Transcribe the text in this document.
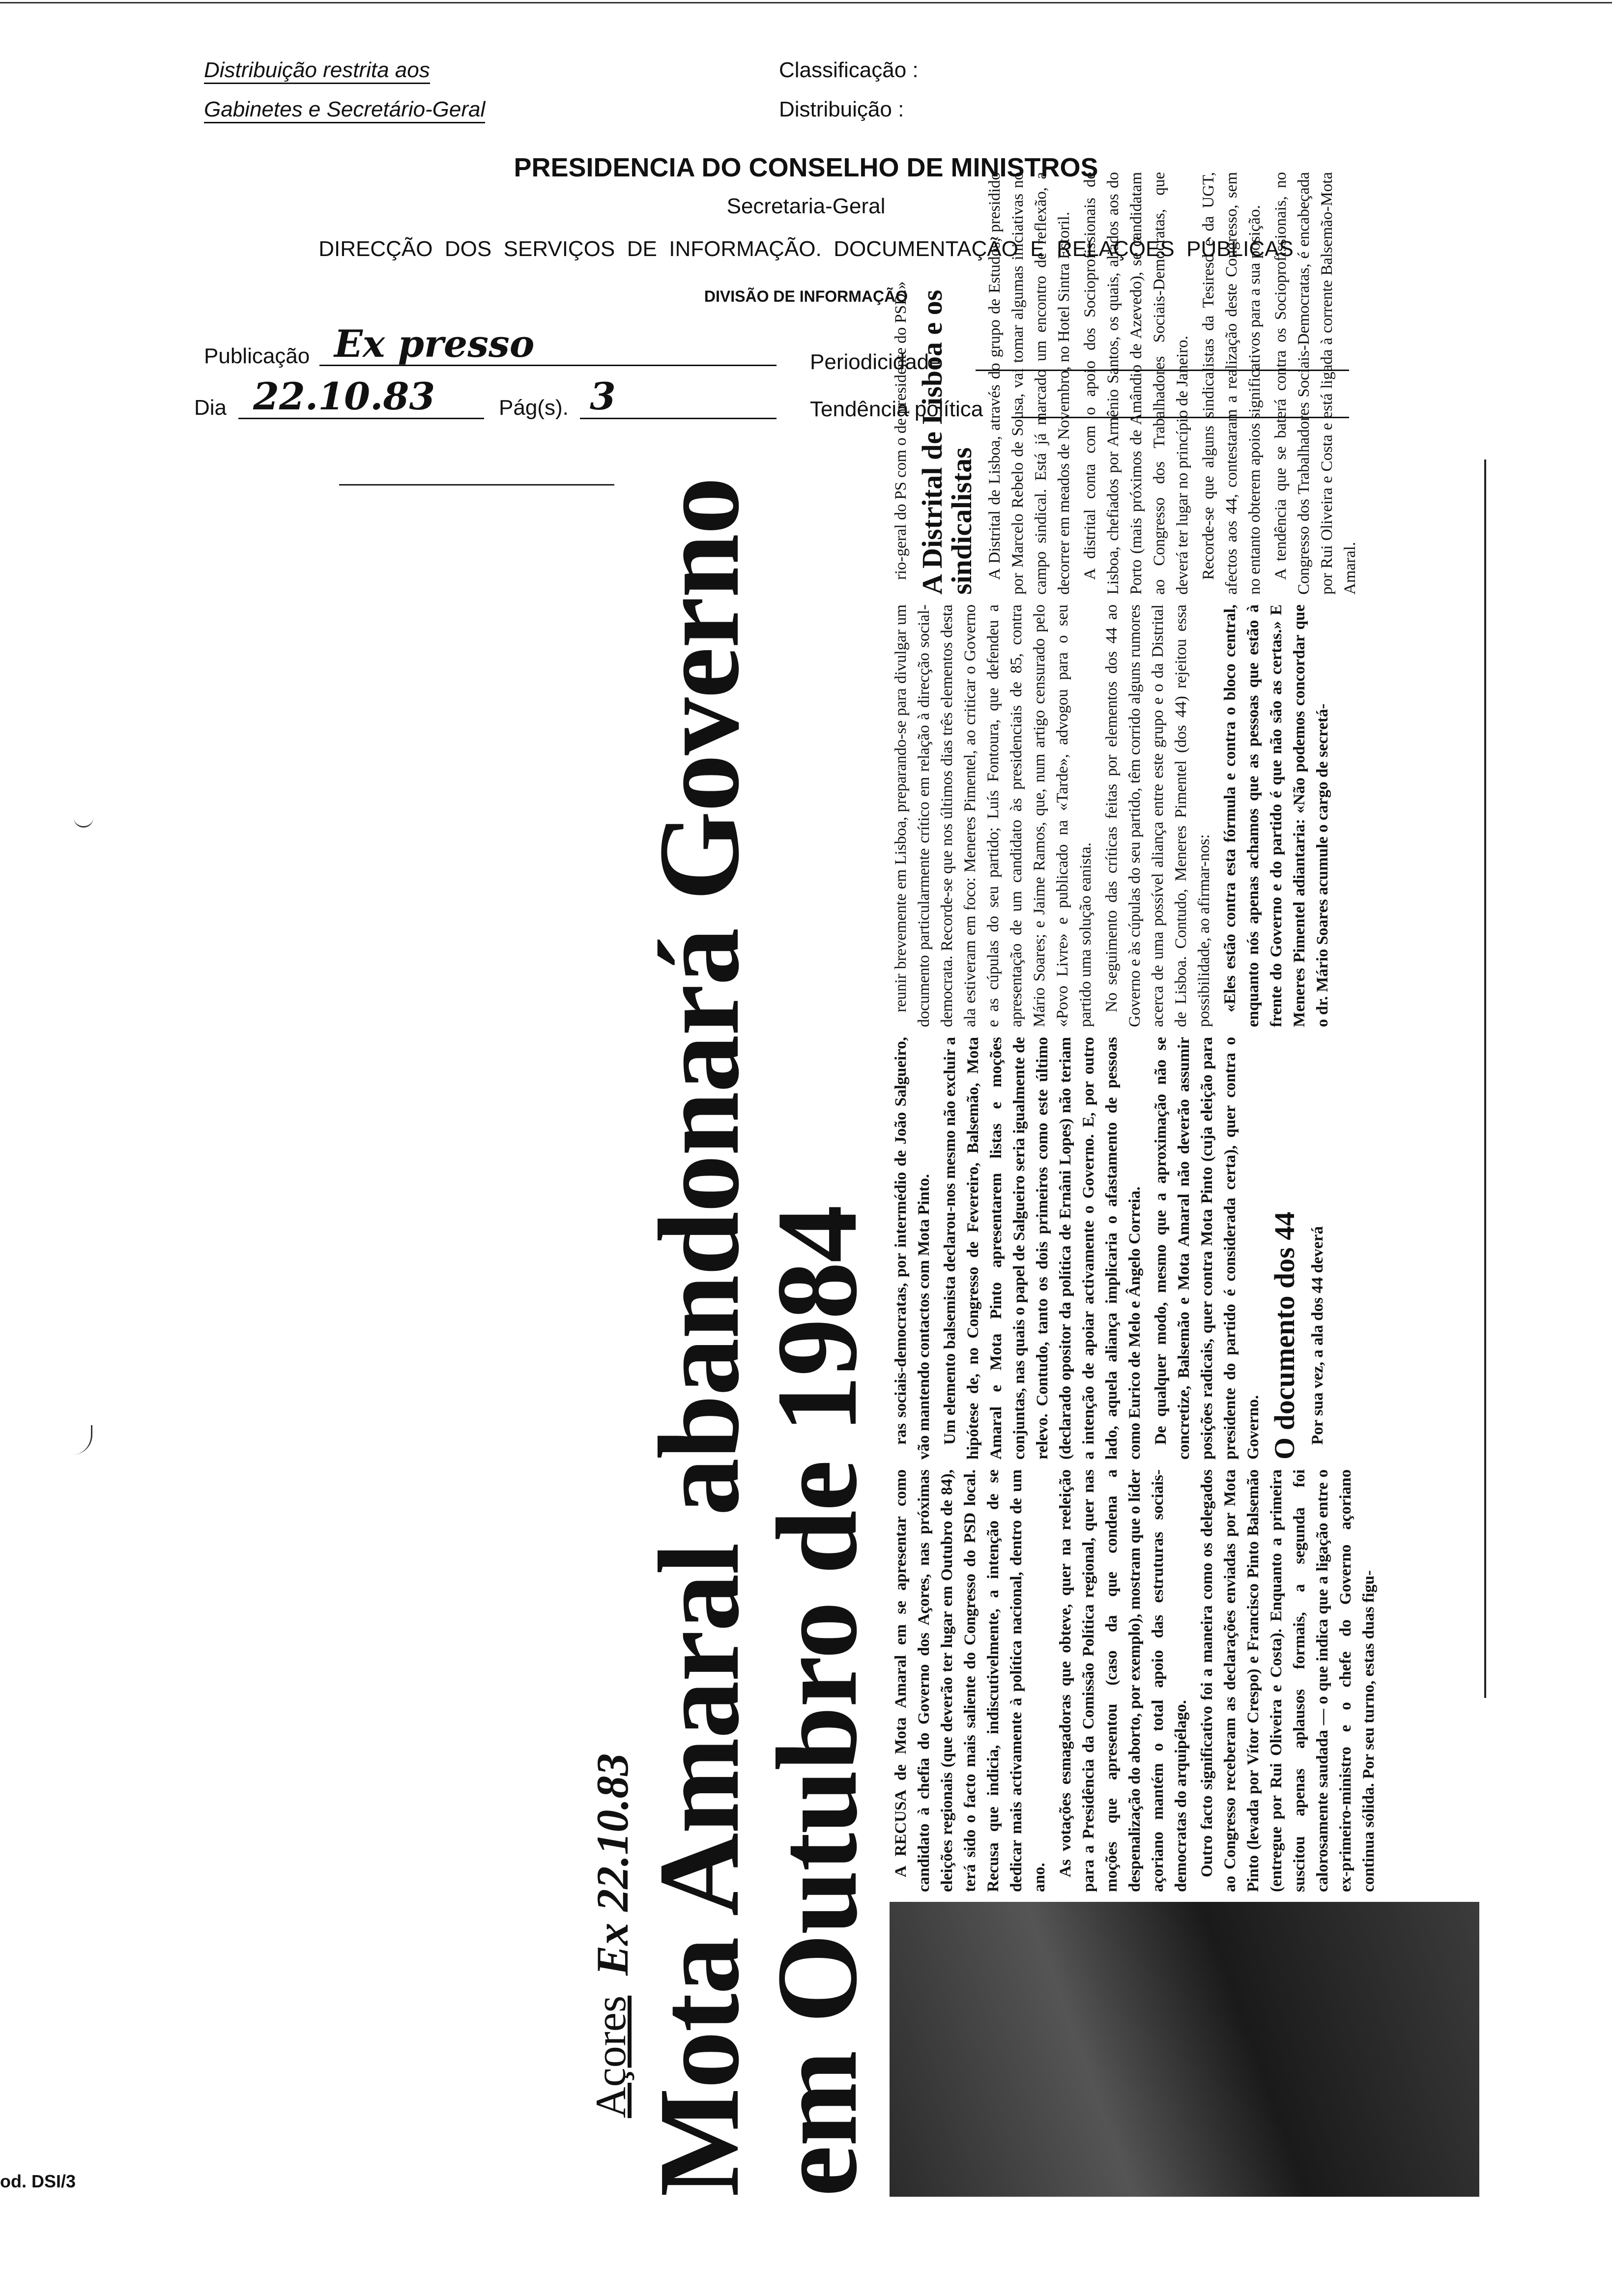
Distribuição restrita aos
Gabinetes e Secretário-Geral
Classificação :
Distribuição :
PRESIDENCIA DO CONSELHO DE MINISTROS
Secretaria-Geral
DIRECÇÃO  DOS  SERVIÇOS  DE  INFORMAÇÃO.  DOCUMENTAÇÃO  E  RELAÇÕES  PÚBLICAS
DIVISÃO DE INFORMAÇÃO
Publicação Ex presso
Dia 22.10.83	Pág(s). 3
Periodicidade
Tendência política
Açores
Ex 22.10.83
Mota Amaral abandonará Governo
em Outubro de 1984 A RECUSA de Mota Amaral em se apresentar como candidato à chefia do Governo dos Açores, nas próximas eleições regionais (que deverão ter lugar em Outubro de 84), terá sido o facto mais saliente do Congresso do PSD local. Recusa que indicia, indiscutivelmente, a intenção de se dedicar mais activamente à política nacional, dentro de um ano.

As votações esmagadoras que obteve, quer na reeleição para a Presidência da Comissão Política regional, quer nas moções que apresentou (caso da que condena a despenalização do aborto, por exemplo), mostram que o líder açoriano mantém o total apoio das estruturas sociais-democratas do arquipélago. Outro facto significativo foi a maneira como os delegados ao Congresso receberam as declarações enviadas por Mota Pinto (levada por Vítor Crespo) e Francisco Pinto Balsemão (entregue por Rui Oliveira e Costa). Enquanto a primeira suscitou apenas aplausos formais, a segunda foi calorosamente saudada — o que indica que a ligação entre o ex-primeiro-ministro e o chefe do Governo açoriano continua sólida. Por seu turno, estas duas figu-

ras sociais-democratas, por intermédio de João Salgueiro, vão mantendo contactos com Mota Pinto. Um elemento balsemista declarou-nos mesmo não excluir a hipótese de, no Congresso de Fevereiro, Balsemão, Mota Amaral e Mota Pinto apresentarem listas e moções conjuntas, nas quais o papel de Salgueiro seria igualmente de relevo. Contudo, tanto os dois primeiros como este último (declarado opositor da política de Ernâni Lopes) não teriam a intenção de apoiar activamente o Governo. E, por outro lado, aquela aliança implicaria o afastamento de pessoas como Eurico de Melo e Ângelo Correia. De qualquer modo, mesmo que a aproximação não se concretize, Balsemão e Mota Amaral não deverão assumir posições radicais, quer contra Mota Pinto (cuja eleição para presidente do partido é considerada certa), quer contra o Governo. O documento dos 44 Por sua vez, a ala dos 44 deverá

reunir brevemente em Lisboa, preparando-se para divulgar um documento particularmente crítico em relação à direcção social-democrata. Recorde-se que nos últimos dias três elementos desta ala estiveram em foco: Meneres Pimentel, ao criticar o Governo e as cúpulas do seu partido; Luís Fontoura, que defendeu a apresentação de um candidato às presidenciais de 85, contra Mário Soares; e Jaime Ramos, que, num artigo censurado pelo «Povo Livre» e publicado na «Tarde», advogou para o seu partido uma solução eanista. No seguimento das críticas feitas por elementos dos 44 ao Governo e às cúpulas do seu partido, têm corrido alguns rumores acerca de uma possível aliança entre este grupo e o da Distrital de Lisboa. Contudo, Meneres Pimentel (dos 44) rejeitou essa possibilidade, ao afirmar-nos: «Eles estão contra esta fórmula e contra o bloco central, enquanto nós apenas achamos que as pessoas que estão à frente do Governo e do partido é que não são as certas.» E Meneres Pimentel adiantaria: «Não podemos concordar que o dr. Mário Soares acumule o cargo de secretá-

rio-geral do PS com o de presidente do PSD.» A Distrital de Lisboa e os sindicalistas A Distrital de Lisboa, através do grupo de Estudos, presidido por Marcelo Rebelo de Sousa, vai tomar algumas iniciativas no campo sindical. Está já marcado um encontro de reflexão, a decorrer em meados de Novembro, no Hotel Sintra Estoril. A distrital conta com o apoio dos Socioprofissionais de Lisboa, chefiados por Armênio Santos, os quais, aliados aos do Porto (mais próximos de Amândio de Azevedo), se candidatam ao Congresso dos Trabalhadores Sociais-Democratas, que deverá ter lugar no princípio de Janeiro. Recorde-se que alguns sindicalistas da Tesiresd e da UGT, afectos aos 44, contestaram a realização deste Congresso, sem no entanto obterem apoios significativos para a sua posição. A tendência que se baterá contra os Socioprofissionais, no Congresso dos Trabalhadores Sociais-Democratas, é encabeçada por Rui Oliveira e Costa e está ligada à corrente Balsemão-Mota Amaral.

od. DSI/3
